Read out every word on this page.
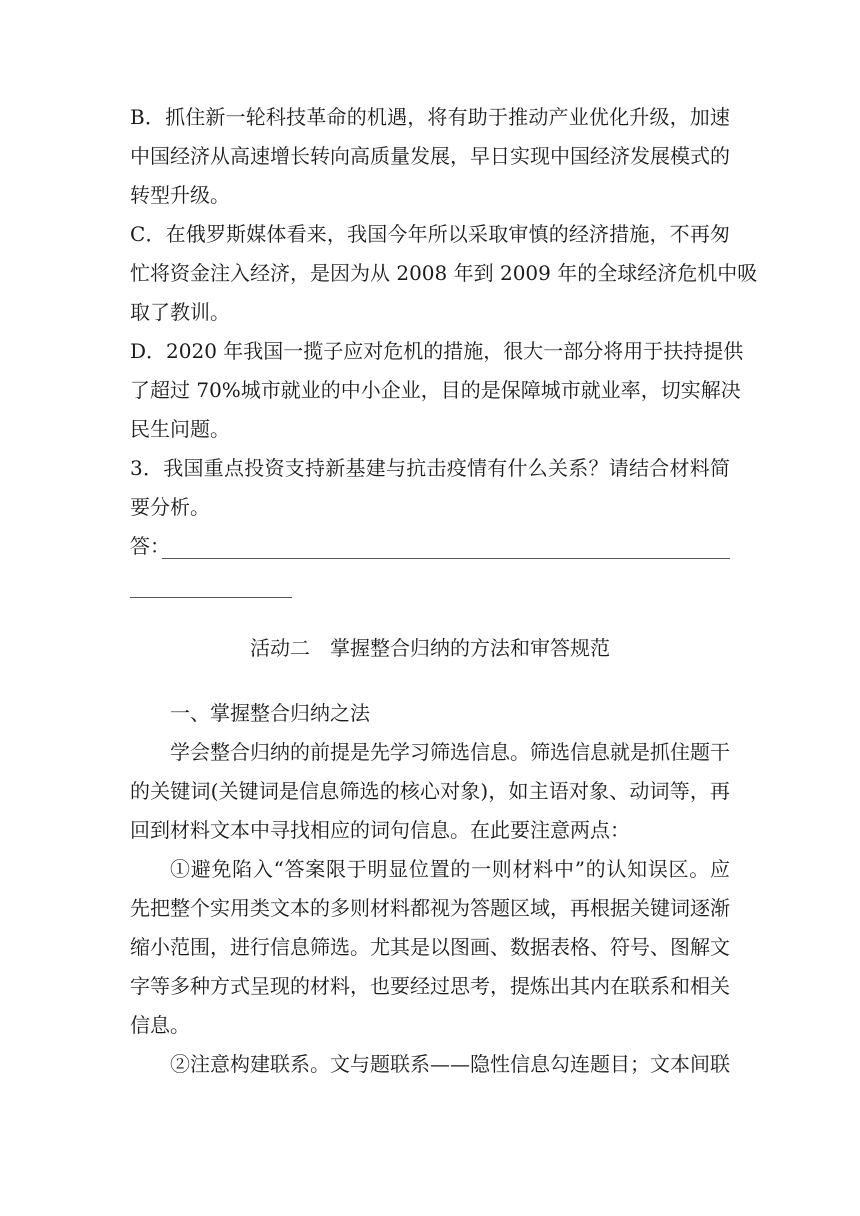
B．抓住新一轮科技革命的机遇，将有助于推动产业优化升级，加速
中国经济从高速增长转向高质量发展，早日实现中国经济发展模式的
转型升级。
C．在俄罗斯媒体看来，我国今年所以采取审慎的经济措施，不再匆
忙将资金注入经济，是因为从 2008 年到 2009 年的全球经济危机中吸
取了教训。
D．2020 年我国一揽子应对危机的措施，很大一部分将用于扶持提供
了超过 70%城市就业的中小企业，目的是保障城市就业率，切实解决
民生问题。
3．我国重点投资支持新基建与抗击疫情有什么关系？请结合材料简
要分析。
答：
活动二　掌握整合归纳的方法和审答规范
一、掌握整合归纳之法
学会整合归纳的前提是先学习筛选信息。筛选信息就是抓住题干
的关键词(关键词是信息筛选的核心对象)，如主语对象、动词等，再
回到材料文本中寻找相应的词句信息。在此要注意两点：
①避免陷入“答案限于明显位置的一则材料中”的认知误区。应
先把整个实用类文本的多则材料都视为答题区域，再根据关键词逐渐
缩小范围，进行信息筛选。尤其是以图画、数据表格、符号、图解文
字等多种方式呈现的材料，也要经过思考，提炼出其内在联系和相关
信息。
②注意构建联系。文与题联系——隐性信息勾连题目；文本间联
